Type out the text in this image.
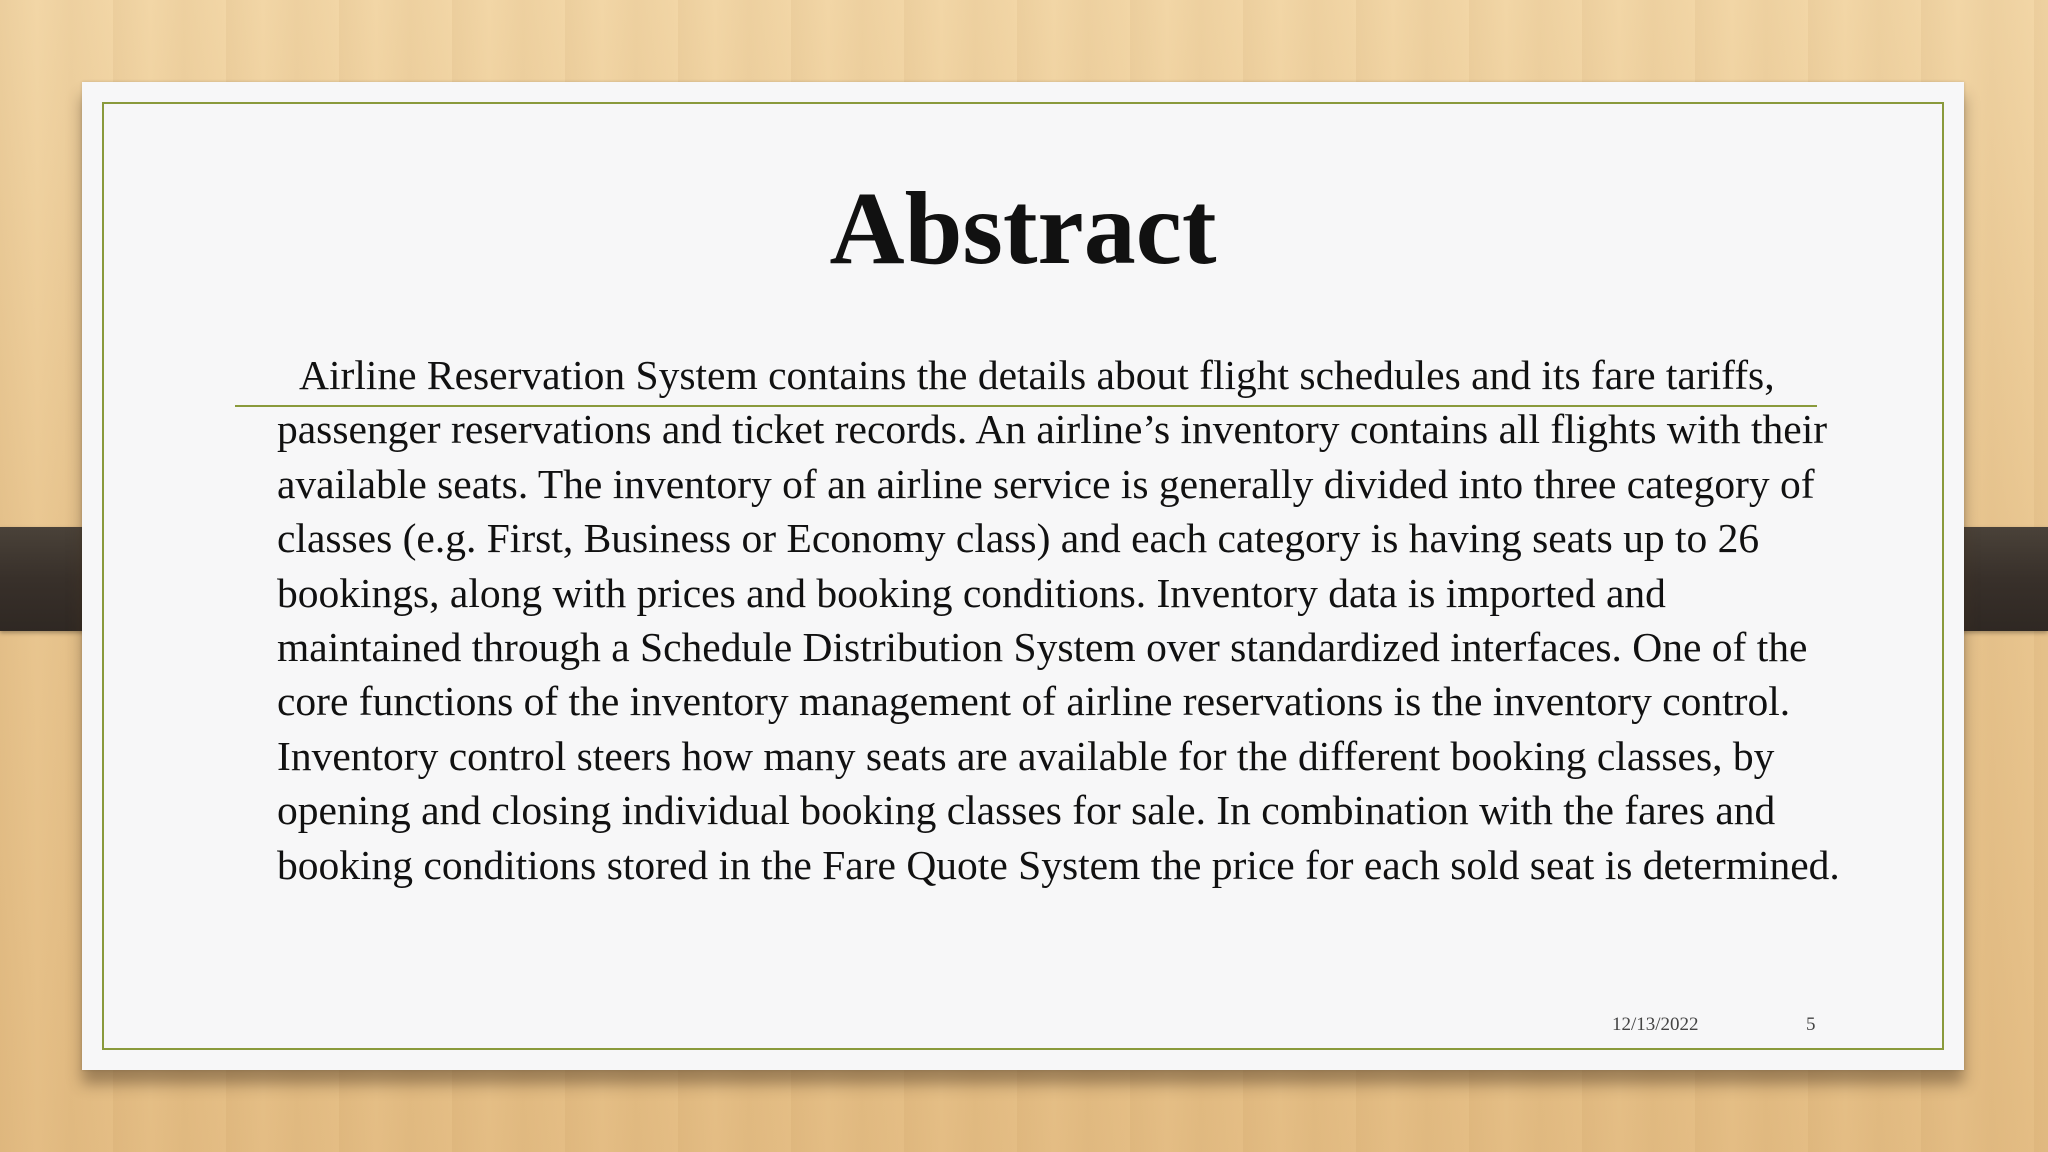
Abstract

Airline Reservation System contains the details about flight schedules and its fare tariffs, passenger reservations and ticket records. An airline’s inventory contains all flights with their available seats. The inventory of an airline service is generally divided into three category of classes (e.g. First, Business or Economy class) and each category is having seats up to 26 bookings, along with prices and booking conditions. Inventory data is imported and maintained through a Schedule Distribution System over standardized interfaces. One of the core functions of the inventory management of airline reservations is the inventory control. Inventory control steers how many seats are available for the different booking classes, by opening and closing individual booking classes for sale. In combination with the fares and booking conditions stored in the Fare Quote System the price for each sold seat is determined.

12/13/2022	5
